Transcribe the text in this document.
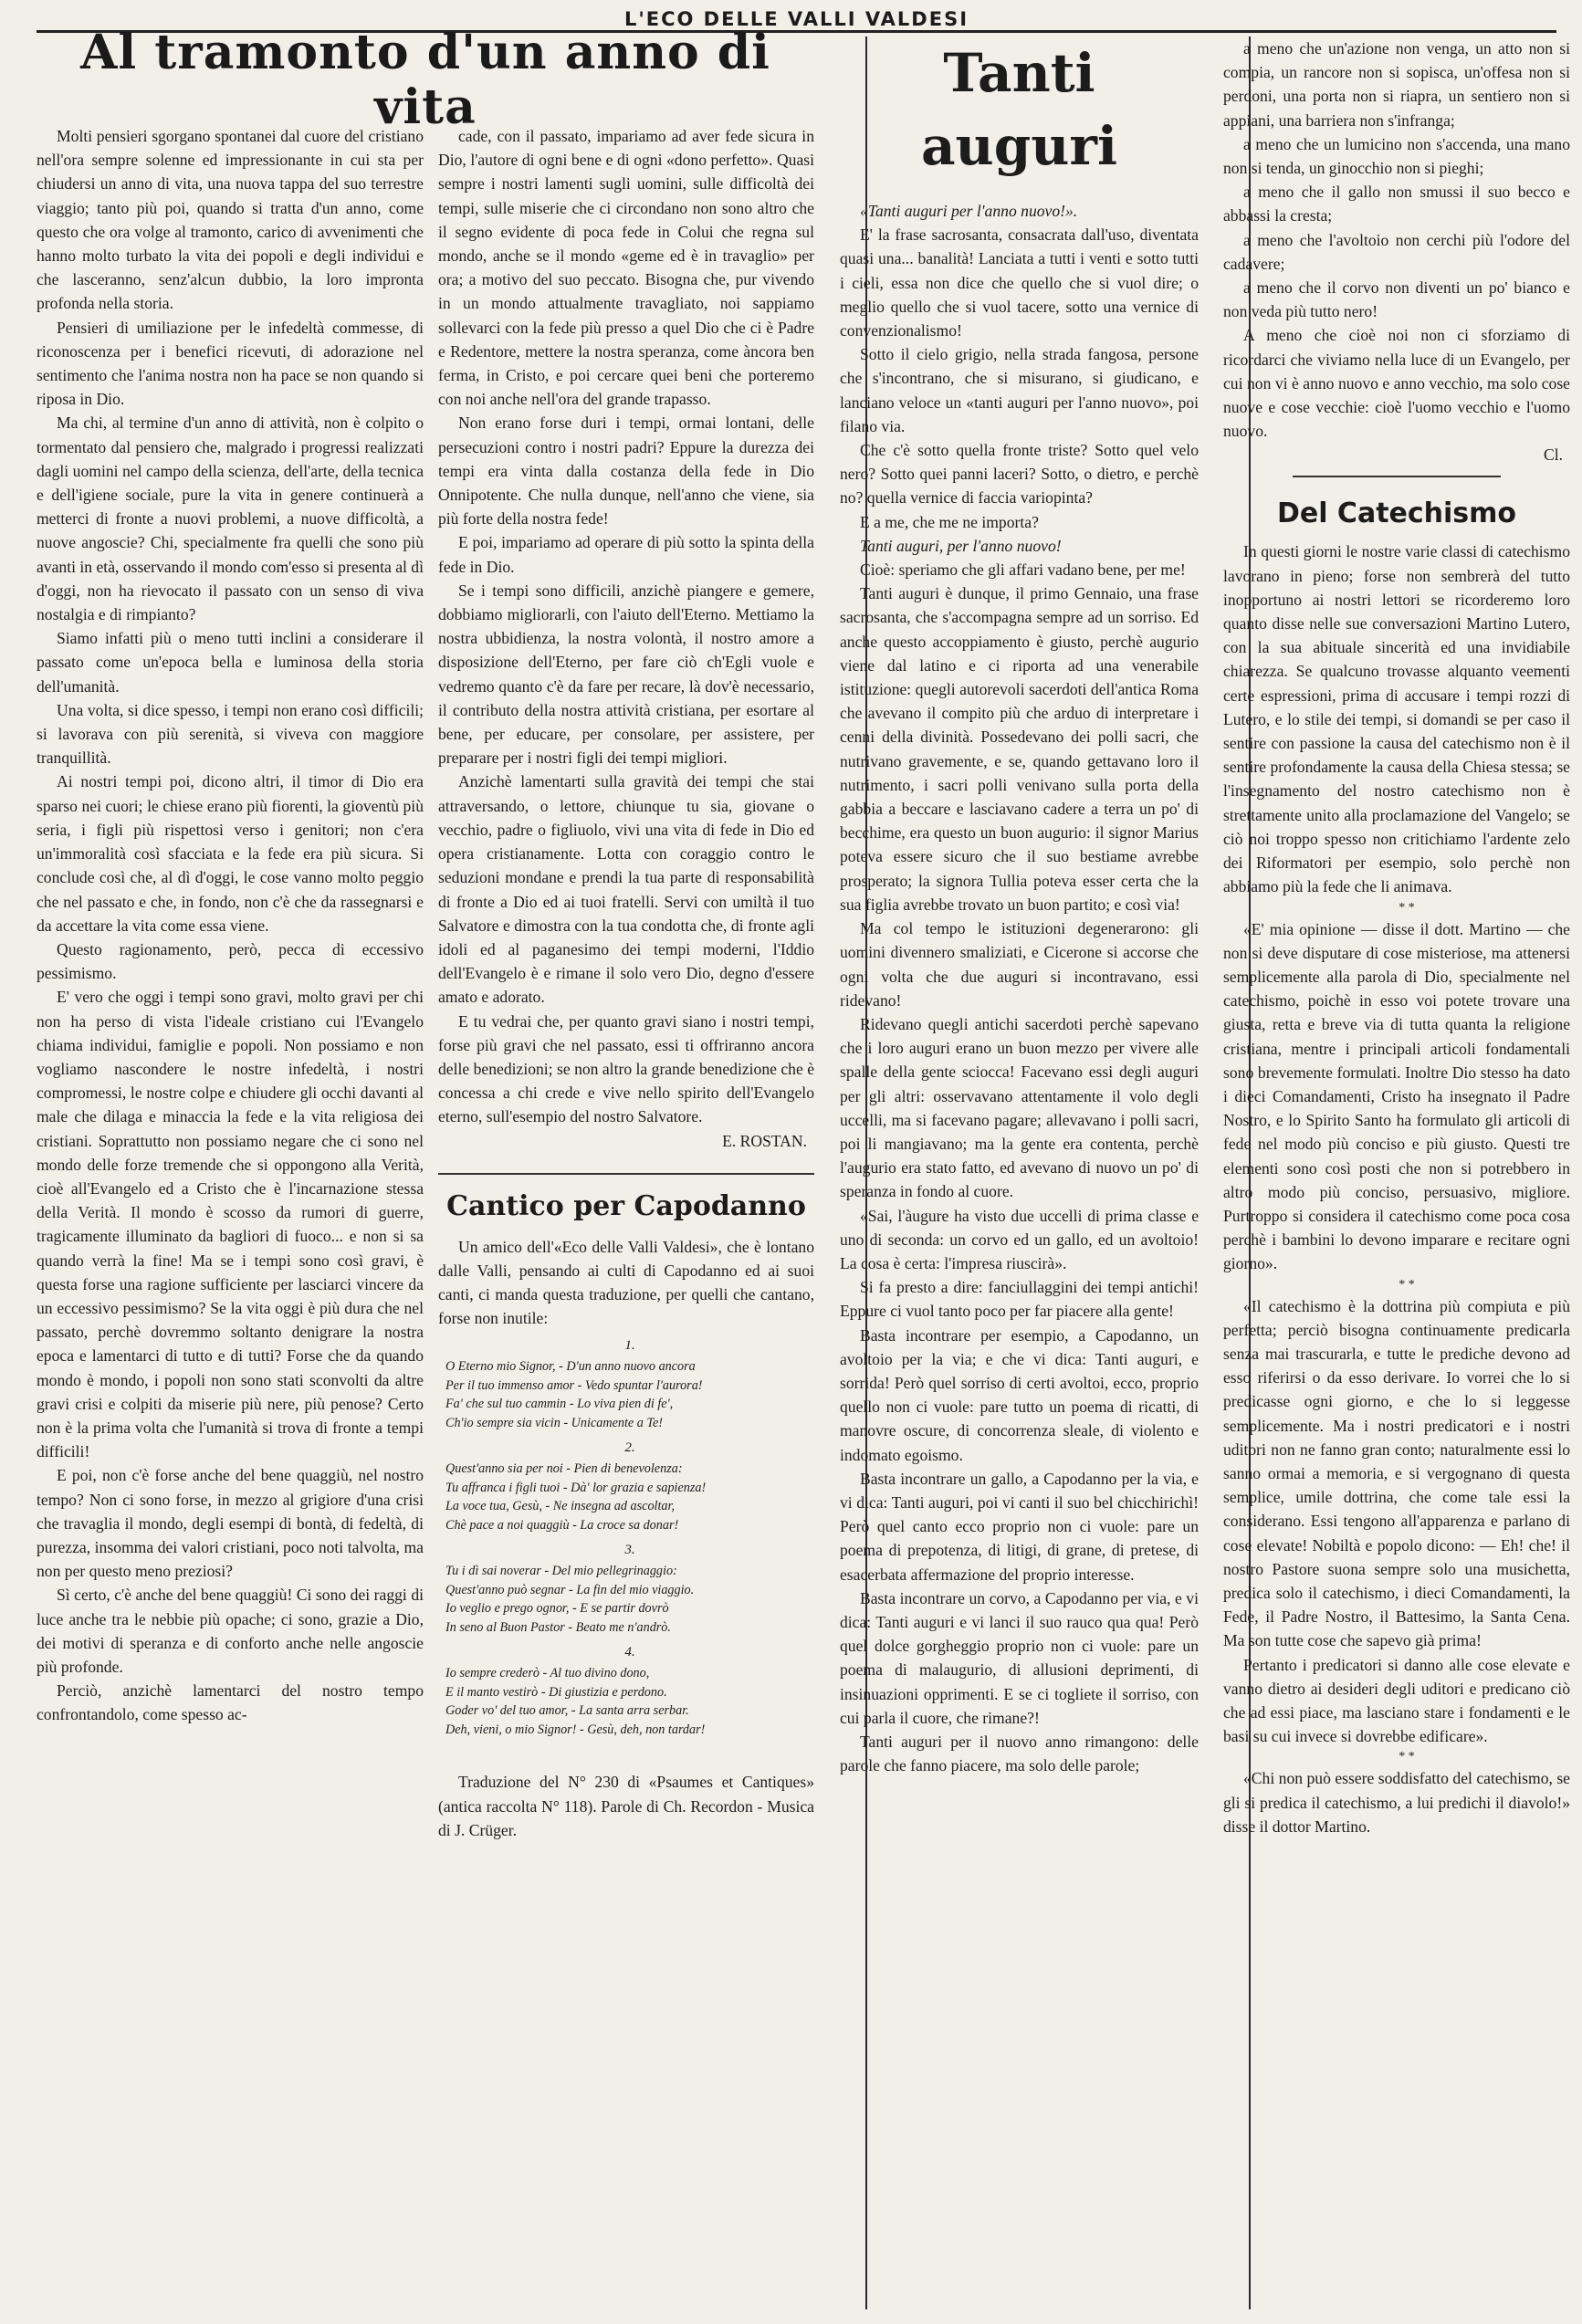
L'ECO DELLE VALLI VALDESI
Al tramonto d'un anno di vita

Molti pensieri sgorgano spontanei dal cuore del cristiano nell'ora sempre solenne ed impressionante in cui sta per chiudersi un anno di vita, una nuova tappa del suo terrestre viaggio; tanto più poi, quando si tratta d'un anno, come questo che ora volge al tramonto, carico di avvenimenti che hanno molto turbato la vita dei popoli e degli individui e che lasceranno, senz'alcun dubbio, la loro impronta profonda nella storia.

Pensieri di umiliazione per le infedeltà commesse, di riconoscenza per i benefici ricevuti, di adorazione nel sentimento che l'anima nostra non ha pace se non quando si riposa in Dio.

Ma chi, al termine d'un anno di attività, non è colpito o tormentato dal pensiero che, malgrado i progressi realizzati dagli uomini nel campo della scienza, dell'arte, della tecnica e dell'igiene sociale, pure la vita in genere continuerà a metterci di fronte a nuovi problemi, a nuove difficoltà, a nuove angoscie? Chi, specialmente fra quelli che sono più avanti in età, osservando il mondo com'esso si presenta al dì d'oggi, non ha rievocato il passato con un senso di viva nostalgia e di rimpianto?

Siamo infatti più o meno tutti inclini a considerare il passato come un'epoca bella e luminosa della storia dell'umanità.

Una volta, si dice spesso, i tempi non erano così difficili; si lavorava con più serenità, si viveva con maggiore tranquillità.

Ai nostri tempi poi, dicono altri, il timor di Dio era sparso nei cuori; le chiese erano più fiorenti, la gioventù più seria, i figli più rispettosi verso i genitori; non c'era un'immoralità così sfacciata e la fede era più sicura. Si conclude così che, al dì d'oggi, le cose vanno molto peggio che nel passato e che, in fondo, non c'è che da rassegnarsi e da accettare la vita come essa viene.

Questo ragionamento, però, pecca di eccessivo pessimismo.

E' vero che oggi i tempi sono gravi, molto gravi per chi non ha perso di vista l'ideale cristiano cui l'Evangelo chiama individui, famiglie e popoli. Non possiamo e non vogliamo nascondere le nostre infedeltà, i nostri compromessi, le nostre colpe e chiudere gli occhi davanti al male che dilaga e minaccia la fede e la vita religiosa dei cristiani. Soprattutto non possiamo negare che ci sono nel mondo delle forze tremende che si oppongono alla Verità, cioè all'Evangelo ed a Cristo che è l'incarnazione stessa della Verità. Il mondo è scosso da rumori di guerre, tragicamente illuminato da bagliori di fuoco... e non si sa quando verrà la fine! Ma se i tempi sono così gravi, è questa forse una ragione sufficiente per lasciarci vincere da un eccessivo pessimismo? Se la vita oggi è più dura che nel passato, perchè dovremmo soltanto denigrare la nostra epoca e lamentarci di tutto e di tutti? Forse che da quando mondo è mondo, i popoli non sono stati sconvolti da altre gravi crisi e colpiti da miserie più nere, più penose? Certo non è la prima volta che l'umanità si trova di fronte a tempi difficili!

E poi, non c'è forse anche del bene quaggiù, nel nostro tempo? Non ci sono forse, in mezzo al grigiore d'una crisi che travaglia il mondo, degli esempi di bontà, di fedeltà, di purezza, insomma dei valori cristiani, poco noti talvolta, ma non per questo meno preziosi?

Sì certo, c'è anche del bene quaggiù! Ci sono dei raggi di luce anche tra le nebbie più opache; ci sono, grazie a Dio, dei motivi di speranza e di conforto anche nelle angoscie più profonde.

Perciò, anzichè lamentarci del nostro tempo confrontandolo, come spesso ac-

cade, con il passato, impariamo ad aver fede sicura in Dio, l'autore di ogni bene e di ogni «dono perfetto». Quasi sempre i nostri lamenti sugli uomini, sulle difficoltà dei tempi, sulle miserie che ci circondano non sono altro che il segno evidente di poca fede in Colui che regna sul mondo, anche se il mondo «geme ed è in travaglio» per ora; a motivo del suo peccato. Bisogna che, pur vivendo in un mondo attualmente travagliato, noi sappiamo sollevarci con la fede più presso a quel Dio che ci è Padre e Redentore, mettere la nostra speranza, come àncora ben ferma, in Cristo, e poi cercare quei beni che porteremo con noi anche nell'ora del grande trapasso.

Non erano forse duri i tempi, ormai lontani, delle persecuzioni contro i nostri padri? Eppure la durezza dei tempi era vinta dalla costanza della fede in Dio Onnipotente. Che nulla dunque, nell'anno che viene, sia più forte della nostra fede!

E poi, impariamo ad operare di più sotto la spinta della fede in Dio.

Se i tempi sono difficili, anzichè piangere e gemere, dobbiamo migliorarli, con l'aiuto dell'Eterno. Mettiamo la nostra ubbidienza, la nostra volontà, il nostro amore a disposizione dell'Eterno, per fare ciò ch'Egli vuole e vedremo quanto c'è da fare per recare, là dov'è necessario, il contributo della nostra attività cristiana, per esortare al bene, per educare, per consolare, per assistere, per preparare per i nostri figli dei tempi migliori.

Anzichè lamentarti sulla gravità dei tempi che stai attraversando, o lettore, chiunque tu sia, giovane o vecchio, padre o figliuolo, vivi una vita di fede in Dio ed opera cristianamente. Lotta con coraggio contro le seduzioni mondane e prendi la tua parte di responsabilità di fronte a Dio ed ai tuoi fratelli. Servi con umiltà il tuo Salvatore e dimostra con la tua condotta che, di fronte agli idoli ed al paganesimo dei tempi moderni, l'Iddio dell'Evangelo è e rimane il solo vero Dio, degno d'essere amato e adorato.

E tu vedrai che, per quanto gravi siano i nostri tempi, forse più gravi che nel passato, essi ti offriranno ancora delle benedizioni; se non altro la grande benedizione che è concessa a chi crede e vive nello spirito dell'Evangelo eterno, sull'esempio del nostro Salvatore.

E. ROSTAN.

Cantico per Capodanno

Un amico dell'«Eco delle Valli Valdesi», che è lontano dalle Valli, pensando ai culti di Capodanno ed ai suoi canti, ci manda questa traduzione, per quelli che cantano, forse non inutile:

1.

O Eterno mio Signor, - D'un anno nuovo ancora

Per il tuo immenso amor - Vedo spuntar l'aurora!

Fa' che sul tuo cammin - Lo viva pien di fe',

Ch'io sempre sia vicin - Unicamente a Te!

2.

Quest'anno sia per noi - Pien di benevolenza:

Tu affranca i figli tuoi - Dà' lor grazia e sapienza!

La voce tua, Gesù, - Ne insegna ad ascoltar,

Chè pace a noi quaggiù - La croce sa donar!

3.

Tu i dì sai noverar - Del mio pellegrinaggio:

Quest'anno può segnar - La fin del mio viaggio.

Io veglio e prego ognor, - E se partir dovrò

In seno al Buon Pastor - Beato me n'andrò.

4.

Io sempre crederò - Al tuo divino dono,

E il manto vestirò - Di giustizia e perdono.

Goder vo' del tuo amor, - La santa arra serbar.

Deh, vieni, o mio Signor! - Gesù, deh, non tardar!

Traduzione del N° 230 di «Psaumes et Cantiques» (antica raccolta N° 118). Parole di Ch. Recordon - Musica di J. Crüger.

Tanti auguri

«Tanti auguri per l'anno nuovo!».

E' la frase sacrosanta, consacrata dall'uso, diventata quasi una... banalità! Lanciata a tutti i venti e sotto tutti i cieli, essa non dice che quello che si vuol dire; o meglio quello che si vuol tacere, sotto una vernice di convenzionalismo!

Sotto il cielo grigio, nella strada fangosa, persone che s'incontrano, che si misurano, si giudicano, e lanciano veloce un «tanti auguri per l'anno nuovo», poi filano via.

Che c'è sotto quella fronte triste? Sotto quel velo nero? Sotto quei panni laceri? Sotto, o dietro, e perchè no? quella vernice di faccia variopinta?

E a me, che me ne importa?

Tanti auguri, per l'anno nuovo!

Cioè: speriamo che gli affari vadano bene, per me!

Tanti auguri è dunque, il primo Gennaio, una frase sacrosanta, che s'accompagna sempre ad un sorriso. Ed anche questo accoppiamento è giusto, perchè augurio viene dal latino e ci riporta ad una venerabile istituzione: quegli autorevoli sacerdoti dell'antica Roma che avevano il compito più che arduo di interpretare i cenni della divinità. Possedevano dei polli sacri, che nutrivano gravemente, e se, quando gettavano loro il nutrimento, i sacri polli venivano sulla porta della gabbia a beccare e lasciavano cadere a terra un po' di becchime, era questo un buon augurio: il signor Marius poteva essere sicuro che il suo bestiame avrebbe prosperato; la signora Tullia poteva esser certa che la sua figlia avrebbe trovato un buon partito; e così via!

Ma col tempo le istituzioni degenerarono: gli uomini divennero smaliziati, e Cicerone si accorse che ogni volta che due auguri si incontravano, essi ridevano!

Ridevano quegli antichi sacerdoti perchè sapevano che i loro auguri erano un buon mezzo per vivere alle spalle della gente sciocca! Facevano essi degli auguri per gli altri: osservavano attentamente il volo degli uccelli, ma si facevano pagare; allevavano i polli sacri, poi li mangiavano; ma la gente era contenta, perchè l'augurio era stato fatto, ed avevano di nuovo un po' di speranza in fondo al cuore.

«Sai, l'àugure ha visto due uccelli di prima classe e uno di seconda: un corvo ed un gallo, ed un avoltoio! La cosa è certa: l'impresa riuscirà».

Si fa presto a dire: fanciullaggini dei tempi antichi! Eppure ci vuol tanto poco per far piacere alla gente!

Basta incontrare per esempio, a Capodanno, un avoltoio per la via; e che vi dica: Tanti auguri, e sorrida! Però quel sorriso di certi avoltoi, ecco, proprio quello non ci vuole: pare tutto un poema di ricatti, di manovre oscure, di concorrenza sleale, di violento e indomato egoismo.

Basta incontrare un gallo, a Capodanno per la via, e vi dica: Tanti auguri, poi vi canti il suo bel chicchirichì! Però quel canto ecco proprio non ci vuole: pare un poema di prepotenza, di litigi, di grane, di pretese, di esacerbata affermazione del proprio interesse.

Basta incontrare un corvo, a Capodanno per via, e vi dica: Tanti auguri e vi lanci il suo rauco qua qua! Però quel dolce gorgheggio proprio non ci vuole: pare un poema di malaugurio, di allusioni deprimenti, di insinuazioni opprimenti. E se ci togliete il sorriso, con cui parla il cuore, che rimane?!

Tanti auguri per il nuovo anno rimangono: delle parole che fanno piacere, ma solo delle parole;

a meno che un'azione non venga, un atto non si compia, un rancore non si sopisca, un'offesa non si perdoni, una porta non si riapra, un sentiero non si appiani, una barriera non s'infranga;

a meno che un lumicino non s'accenda, una mano non si tenda, un ginocchio non si pieghi;

a meno che il gallo non smussi il suo becco e abbassi la cresta;

a meno che l'avoltoio non cerchi più l'odore del cadavere;

a meno che il corvo non diventi un po' bianco e non veda più tutto nero!

A meno che cioè noi non ci sforziamo di ricordarci che viviamo nella luce di un Evangelo, per cui non vi è anno nuovo e anno vecchio, ma solo cose nuove e cose vecchie: cioè l'uomo vecchio e l'uomo nuovo.

Cl.

Del Catechismo

In questi giorni le nostre varie classi di catechismo lavorano in pieno; forse non sembrerà del tutto inopportuno ai nostri lettori se ricorderemo loro quanto disse nelle sue conversazioni Martino Lutero, con la sua abituale sincerità ed una invidiabile chiarezza. Se qualcuno trovasse alquanto veementi certe espressioni, prima di accusare i tempi rozzi di Lutero, e lo stile dei tempi, si domandi se per caso il sentire con passione la causa del catechismo non è il sentire profondamente la causa della Chiesa stessa; se l'insegnamento del nostro catechismo non è strettamente unito alla proclamazione del Vangelo; se ciò noi troppo spesso non critichiamo l'ardente zelo dei Riformatori per esempio, solo perchè non abbiamo più la fede che li animava.

* *

«E' mia opinione — disse il dott. Martino — che non si deve disputare di cose misteriose, ma attenersi semplicemente alla parola di Dio, specialmente nel catechismo, poichè in esso voi potete trovare una giusta, retta e breve via di tutta quanta la religione cristiana, mentre i principali articoli fondamentali sono brevemente formulati. Inoltre Dio stesso ha dato i dieci Comandamenti, Cristo ha insegnato il Padre Nostro, e lo Spirito Santo ha formulato gli articoli di fede nel modo più conciso e più giusto. Questi tre elementi sono così posti che non si potrebbero in altro modo più conciso, persuasivo, migliore. Purtroppo si considera il catechismo come poca cosa perchè i bambini lo devono imparare e recitare ogni giorno».

* *

«Il catechismo è la dottrina più compiuta e più perfetta; perciò bisogna continuamente predicarla senza mai trascurarla, e tutte le prediche devono ad esso riferirsi o da esso derivare. Io vorrei che lo si predicasse ogni giorno, e che lo si leggesse semplicemente. Ma i nostri predicatori e i nostri uditori non ne fanno gran conto; naturalmente essi lo sanno ormai a memoria, e si vergognano di questa semplice, umile dottrina, che come tale essi la considerano. Essi tengono all'apparenza e parlano di cose elevate! Nobiltà e popolo dicono: — Eh! che! il nostro Pastore suona sempre solo una musichetta, predica solo il catechismo, i dieci Comandamenti, la Fede, il Padre Nostro, il Battesimo, la Santa Cena. Ma son tutte cose che sapevo già prima!

Pertanto i predicatori si danno alle cose elevate e vanno dietro ai desideri degli uditori e predicano ciò che ad essi piace, ma lasciano stare i fondamenti e le basi su cui invece si dovrebbe edificare».

* *

«Chi non può essere soddisfatto del catechismo, se gli si predica il catechismo, a lui predichi il diavolo!» disse il dottor Martino.
